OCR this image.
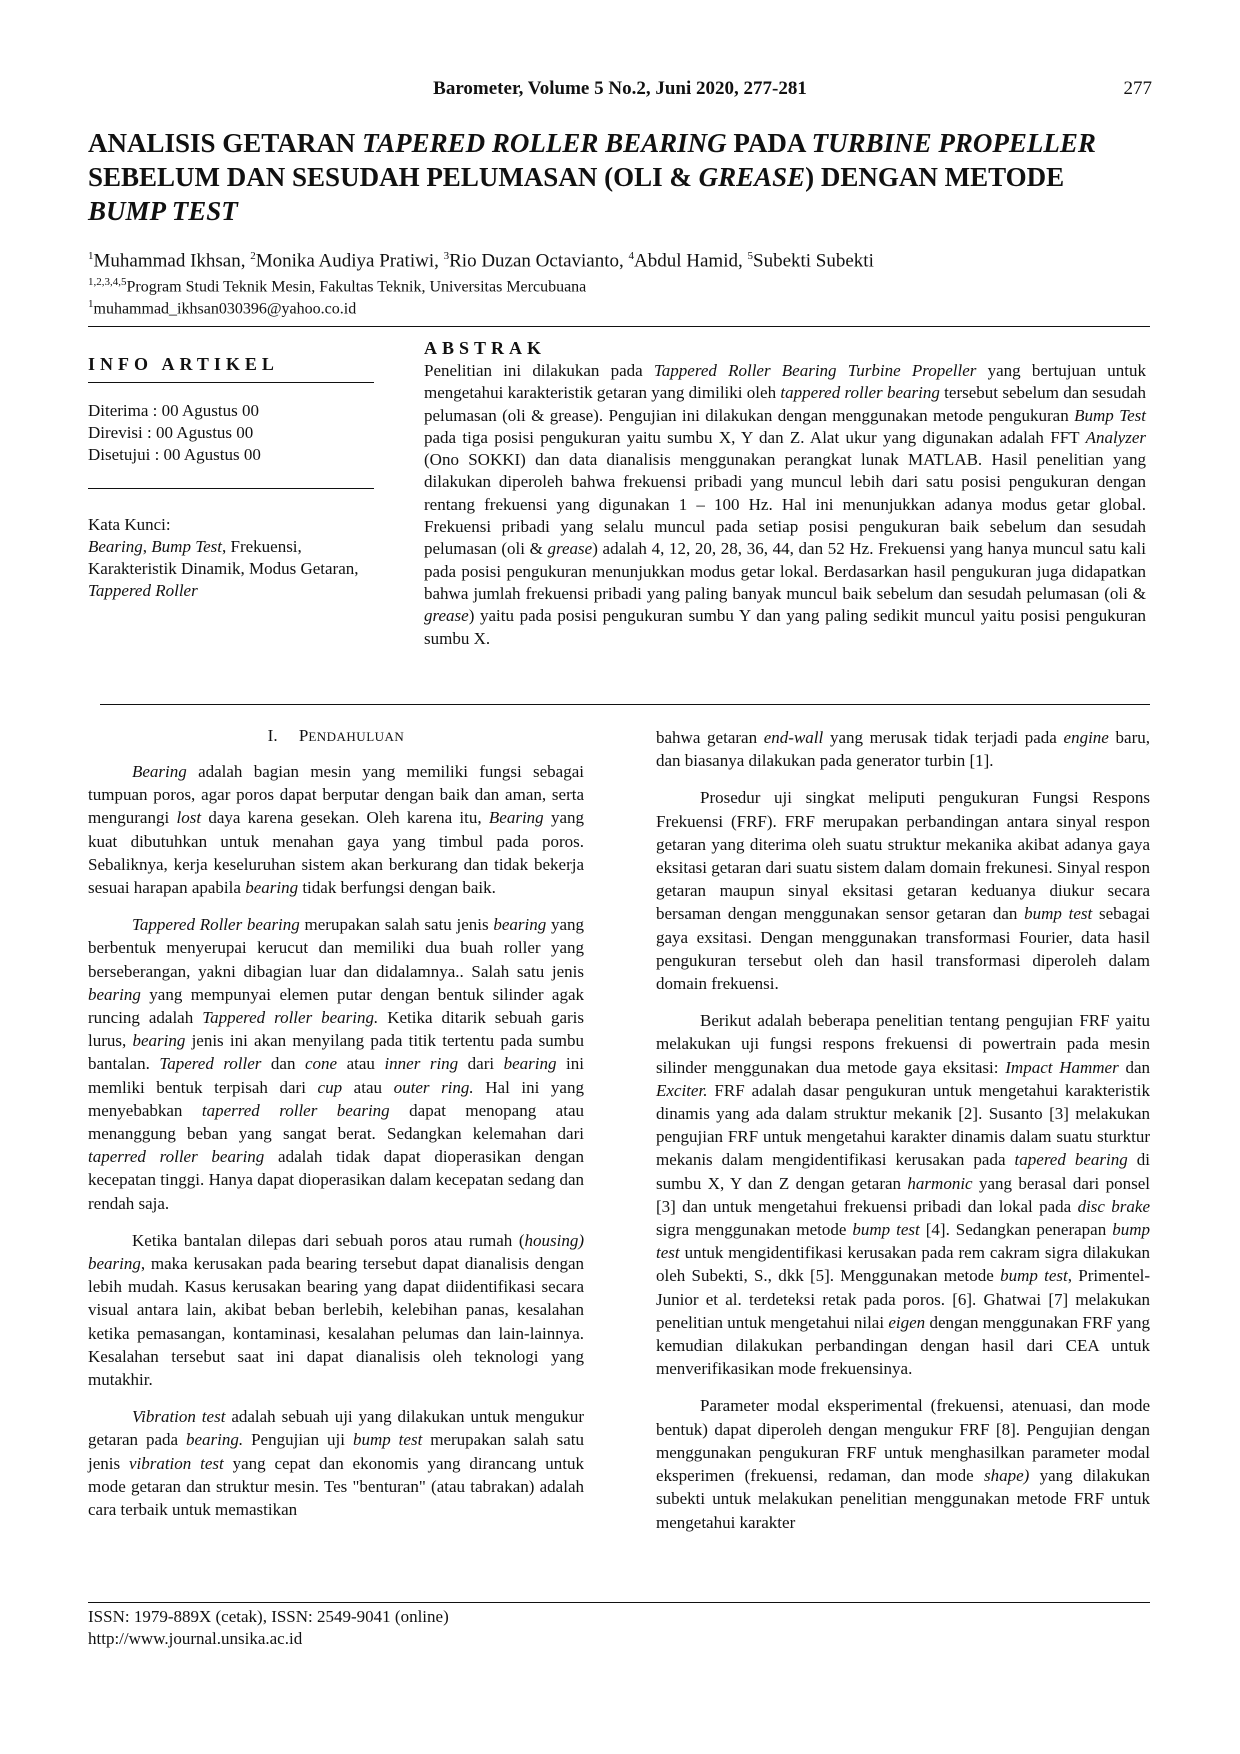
Barometer, Volume 5 No.2, Juni 2020, 277-281	277
ANALISIS GETARAN TAPERED ROLLER BEARING PADA TURBINE PROPELLER
SEBELUM DAN SESUDAH PELUMASAN (OLI & GREASE) DENGAN METODE
BUMP TEST
$^1$Muhammad Ikhsan, $^2$Monika Audiya Pratiwi, $^3$Rio Duzan Octavianto, $^4$Abdul Hamid, $^5$Subekti Subekti
$^{1,2,3,4,5}$Program Studi Teknik Mesin, Fakultas Teknik, Universitas Mercubuana
$^1$muhammad_ikhsan030396@yahoo.co.id
INFO ARTIKEL
Diterima : 00 Agustus 00
Direvisi : 00 Agustus 00
Disetujui : 00 Agustus 00
Kata Kunci:
Bearing, Bump Test, Frekuensi,
Karakteristik Dinamik, Modus Getaran,
Tappered Roller
ABSTRAK
Penelitian ini dilakukan pada Tappered Roller Bearing Turbine Propeller yang bertujuan untuk mengetahui karakteristik getaran yang dimiliki oleh tappered roller bearing tersebut sebelum dan sesudah pelumasan (oli & grease). Pengujian ini dilakukan dengan menggunakan metode pengukuran Bump Test pada tiga posisi pengukuran yaitu sumbu X, Y dan Z. Alat ukur yang digunakan adalah FFT Analyzer (Ono SOKKI) dan data dianalisis menggunakan perangkat lunak MATLAB. Hasil penelitian yang dilakukan diperoleh bahwa frekuensi pribadi yang muncul lebih dari satu posisi pengukuran dengan rentang frekuensi yang digunakan 1 – 100 Hz. Hal ini menunjukkan adanya modus getar global. Frekuensi pribadi yang selalu muncul pada setiap posisi pengukuran baik sebelum dan sesudah pelumasan (oli & grease) adalah 4, 12, 20, 28, 36, 44, dan 52 Hz. Frekuensi yang hanya muncul satu kali pada posisi pengukuran menunjukkan modus getar lokal. Berdasarkan hasil pengukuran juga didapatkan bahwa jumlah frekuensi pribadi yang paling banyak muncul baik sebelum dan sesudah pelumasan (oli & grease) yaitu pada posisi pengukuran sumbu Y dan yang paling sedikit muncul yaitu posisi pengukuran sumbu X.
I. PENDAHULUAN

Bearing adalah bagian mesin yang memiliki fungsi sebagai tumpuan poros, agar poros dapat berputar dengan baik dan aman, serta mengurangi lost daya karena gesekan. Oleh karena itu, Bearing yang kuat dibutuhkan untuk menahan gaya yang timbul pada poros. Sebaliknya, kerja keseluruhan sistem akan berkurang dan tidak bekerja sesuai harapan apabila bearing tidak berfungsi dengan baik.

Tappered Roller bearing merupakan salah satu jenis bearing yang berbentuk menyerupai kerucut dan memiliki dua buah roller yang berseberangan, yakni dibagian luar dan didalamnya.. Salah satu jenis bearing yang mempunyai elemen putar dengan bentuk silinder agak runcing adalah Tappered roller bearing. Ketika ditarik sebuah garis lurus, bearing jenis ini akan menyilang pada titik tertentu pada sumbu bantalan. Tapered roller dan cone atau inner ring dari bearing ini memliki bentuk terpisah dari cup atau outer ring. Hal ini yang menyebabkan taperred roller bearing dapat menopang atau menanggung beban yang sangat berat. Sedangkan kelemahan dari taperred roller bearing adalah tidak dapat dioperasikan dengan kecepatan tinggi. Hanya dapat dioperasikan dalam kecepatan sedang dan rendah saja.

Ketika bantalan dilepas dari sebuah poros atau rumah (housing) bearing, maka kerusakan pada bearing tersebut dapat dianalisis dengan lebih mudah. Kasus kerusakan bearing yang dapat diidentifikasi secara visual antara lain, akibat beban berlebih, kelebihan panas, kesalahan ketika pemasangan, kontaminasi, kesalahan pelumas dan lain-lainnya. Kesalahan tersebut saat ini dapat dianalisis oleh teknologi yang mutakhir.

Vibration test adalah sebuah uji yang dilakukan untuk mengukur getaran pada bearing. Pengujian uji bump test merupakan salah satu jenis vibration test yang cepat dan ekonomis yang dirancang untuk mode getaran dan struktur mesin. Tes "benturan" (atau tabrakan) adalah cara terbaik untuk memastikan

bahwa getaran end-wall yang merusak tidak terjadi pada engine baru, dan biasanya dilakukan pada generator turbin [1].

Prosedur uji singkat meliputi pengukuran Fungsi Respons Frekuensi (FRF). FRF merupakan perbandingan antara sinyal respon getaran yang diterima oleh suatu struktur mekanika akibat adanya gaya eksitasi getaran dari suatu sistem dalam domain frekunesi. Sinyal respon getaran maupun sinyal eksitasi getaran keduanya diukur secara bersaman dengan menggunakan sensor getaran dan bump test sebagai gaya exsitasi. Dengan menggunakan transformasi Fourier, data hasil pengukuran tersebut oleh dan hasil transformasi diperoleh dalam domain frekuensi.

Berikut adalah beberapa penelitian tentang pengujian FRF yaitu melakukan uji fungsi respons frekuensi di powertrain pada mesin silinder menggunakan dua metode gaya eksitasi: Impact Hammer dan Exciter. FRF adalah dasar pengukuran untuk mengetahui karakteristik dinamis yang ada dalam struktur mekanik [2]. Susanto [3] melakukan pengujian FRF untuk mengetahui karakter dinamis dalam suatu sturktur mekanis dalam mengidentifikasi kerusakan pada tapered bearing di sumbu X, Y dan Z dengan getaran harmonic yang berasal dari ponsel [3] dan untuk mengetahui frekuensi pribadi dan lokal pada disc brake sigra menggunakan metode bump test [4]. Sedangkan penerapan bump test untuk mengidentifikasi kerusakan pada rem cakram sigra dilakukan oleh Subekti, S., dkk [5]. Menggunakan metode bump test, Primentel-Junior et al. terdeteksi retak pada poros. [6]. Ghatwai [7] melakukan penelitian untuk mengetahui nilai eigen dengan menggunakan FRF yang kemudian dilakukan perbandingan dengan hasil dari CEA untuk menverifikasikan mode frekuensinya.

Parameter modal eksperimental (frekuensi, atenuasi, dan mode bentuk) dapat diperoleh dengan mengukur FRF [8]. Pengujian dengan menggunakan pengukuran FRF untuk menghasilkan parameter modal eksperimen (frekuensi, redaman, dan mode shape) yang dilakukan subekti untuk melakukan penelitian menggunakan metode FRF untuk mengetahui karakter

ISSN: 1979-889X (cetak), ISSN: 2549-9041 (online)
http://www.journal.unsika.ac.id
